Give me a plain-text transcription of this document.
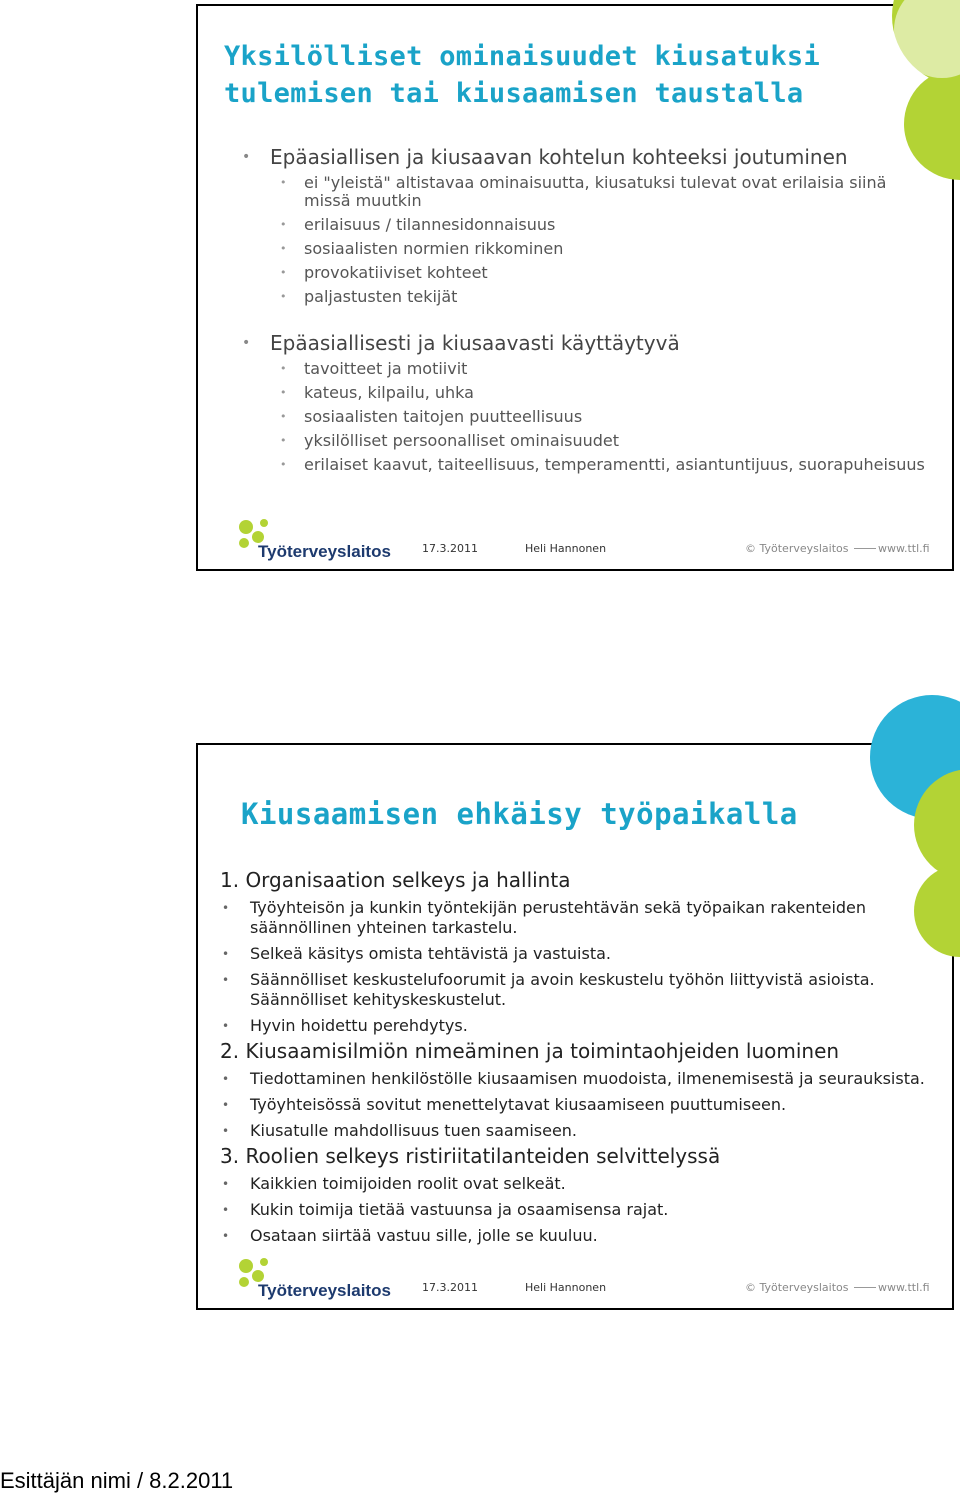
Yksilölliset ominaisuudet kiusatuksi
tulemisen tai kiusaamisen taustalla
• Epäasiallisen ja kiusaavan kohtelun kohteeksi joutuminen
• ei "yleistä" altistavaa ominaisuutta, kiusatuksi tulevat ovat erilaisia siinä missä muutkin
• erilaisuus / tilannesidonnaisuus
• sosiaalisten normien rikkominen
• provokatiiviset kohteet
• paljastusten tekijät
• Epäasiallisesti ja kiusaavasti käyttäytyvä
• tavoitteet ja motiivit
• kateus, kilpailu, uhka
• sosiaalisten taitojen puutteellisuus
• yksilölliset persoonalliset ominaisuudet
• erilaiset kaavut, taiteellisuus, temperamentti, asiantuntijuus, suorapuheisuus
Työterveyslaitos	17.3.2011	Heli Hannonen	© Työterveyslaitos	www.ttl.fi
Kiusaamisen ehkäisy työpaikalla
1. Organisaation selkeys ja hallinta
• Työyhteisön ja kunkin työntekijän perustehtävän sekä työpaikan rakenteiden säännöllinen yhteinen tarkastelu.
• Selkeä käsitys omista tehtävistä ja vastuista.
• Säännölliset keskustelufoorumit ja avoin keskustelu työhön liittyvistä asioista. Säännölliset kehityskeskustelut.
• Hyvin hoidettu perehdytys.
2. Kiusaamisilmiön nimeäminen ja toimintaohjeiden luominen
• Tiedottaminen henkilöstölle kiusaamisen muodoista, ilmenemisestä ja seurauksista.
• Työyhteisössä sovitut menettelytavat kiusaamiseen puuttumiseen.
• Kiusatulle mahdollisuus tuen saamiseen.
3. Roolien selkeys ristiriitatilanteiden selvittelyssä
• Kaikkien toimijoiden roolit ovat selkeät.
• Kukin toimija tietää vastuunsa ja osaamisensa rajat.
• Osataan siirtää vastuu sille, jolle se kuuluu.
Työterveyslaitos	17.3.2011	Heli Hannonen	© Työterveyslaitos	www.ttl.fi
Esittäjän nimi / 8.2.2011
